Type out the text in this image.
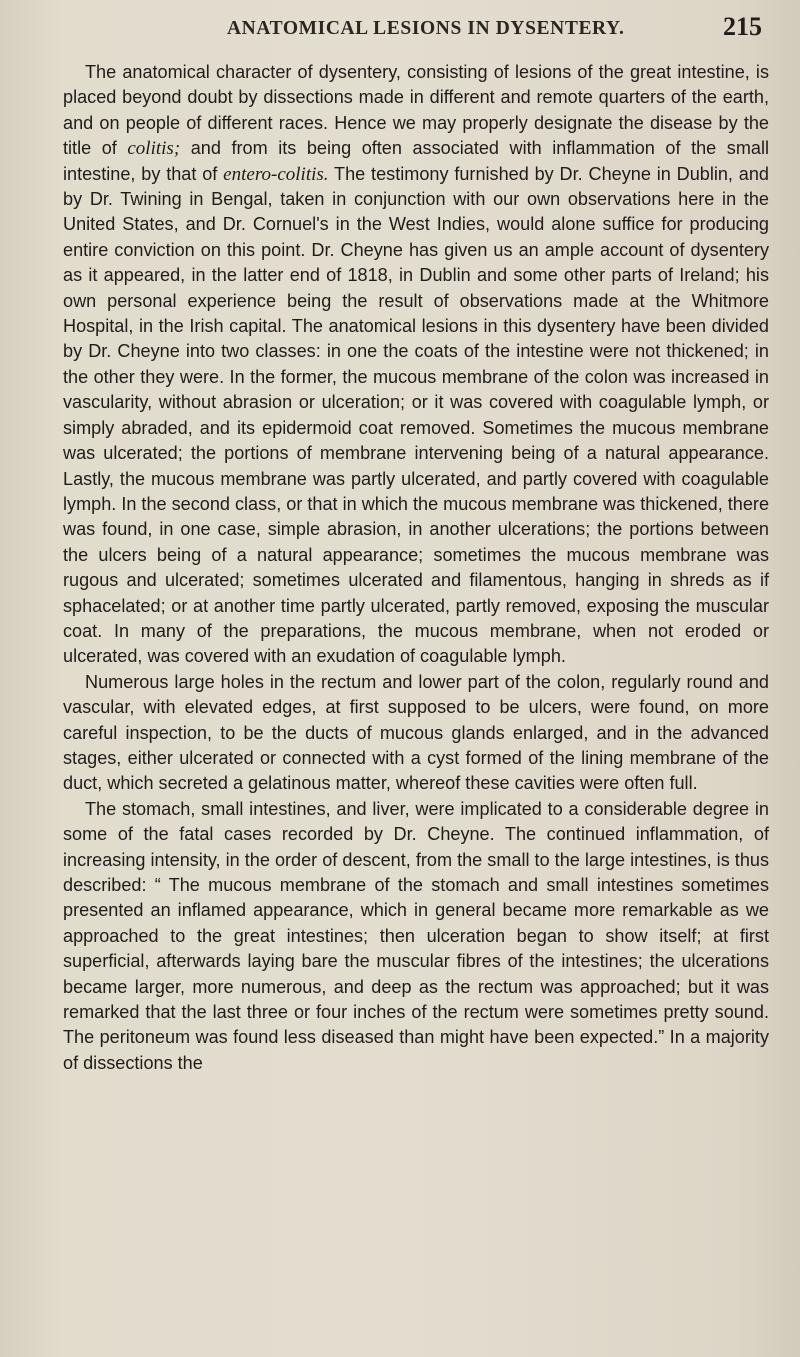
ANATOMICAL LESIONS IN DYSENTERY.	215

The anatomical character of dysentery, consisting of lesions of the great intestine, is placed beyond doubt by dissections made in different and remote quarters of the earth, and on people of different races. Hence we may properly designate the disease by the title of colitis; and from its being often associated with inflammation of the small intestine, by that of entero-colitis. The testimony furnished by Dr. Cheyne in Dublin, and by Dr. Twining in Bengal, taken in conjunction with our own observations here in the United States, and Dr. Cornuel's in the West Indies, would alone suffice for producing entire conviction on this point. Dr. Cheyne has given us an ample account of dysentery as it appeared, in the latter end of 1818, in Dublin and some other parts of Ireland; his own personal experience being the result of observations made at the Whitmore Hospital, in the Irish capital. The anatomical lesions in this dysentery have been divided by Dr. Cheyne into two classes: in one the coats of the intestine were not thickened; in the other they were. In the former, the mucous membrane of the colon was increased in vascularity, without abrasion or ulceration; or it was covered with coagulable lymph, or simply abraded, and its epidermoid coat removed. Sometimes the mucous membrane was ulcerated; the portions of membrane intervening being of a natural appearance. Lastly, the mucous membrane was partly ulcerated, and partly covered with coagulable lymph. In the second class, or that in which the mucous membrane was thickened, there was found, in one case, simple abrasion, in another ulcerations; the portions between the ulcers being of a natural appearance; sometimes the mucous membrane was rugous and ulcerated; sometimes ulcerated and filamentous, hanging in shreds as if sphacelated; or at another time partly ulcerated, partly removed, exposing the muscular coat. In many of the preparations, the mucous membrane, when not eroded or ulcerated, was covered with an exudation of coagulable lymph.

Numerous large holes in the rectum and lower part of the colon, regularly round and vascular, with elevated edges, at first supposed to be ulcers, were found, on more careful inspection, to be the ducts of mucous glands enlarged, and in the advanced stages, either ulcerated or connected with a cyst formed of the lining membrane of the duct, which secreted a gelatinous matter, whereof these cavities were often full.

The stomach, small intestines, and liver, were implicated to a considerable degree in some of the fatal cases recorded by Dr. Cheyne. The continued inflammation, of increasing intensity, in the order of descent, from the small to the large intestines, is thus described: “ The mucous membrane of the stomach and small intestines sometimes presented an inflamed appearance, which in general became more remarkable as we approached to the great intestines; then ulceration began to show itself; at first superficial, afterwards laying bare the muscular fibres of the intestines; the ulcerations became larger, more numerous, and deep as the rectum was approached; but it was remarked that the last three or four inches of the rectum were sometimes pretty sound. The peritoneum was found less diseased than might have been expected.” In a majority of dissections the
